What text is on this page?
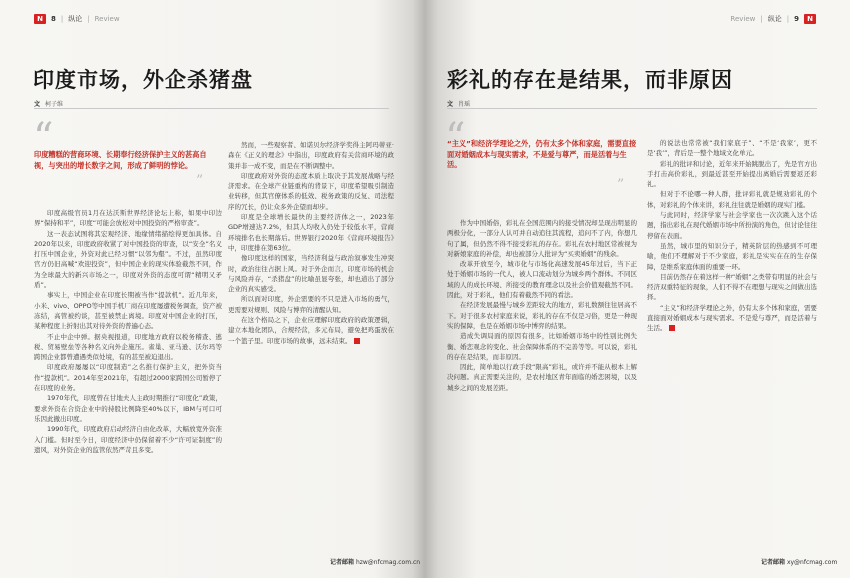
N	8 | 纵论 | Review
印度市场，外企杀猪盘
文 柯子维
“
印度糟糕的营商环境、长期奉行经济保护主义的甚高自视，与突出的增长数字之间，形成了鲜明的悖论。
”

印度高级官员1月在达沃斯世界经济论坛上称，如果中印边界“保持和平”，印度“可能会放松对中国投资的严格审查”。

这一表态试图将其宏观经济、地缘情绪描绘得更加具体。自2020年以来，印度政府收紧了对中国投资的审查，以“安全”名义打压中国企业，外资对此已经习惯“以邻为壑”。不过，虽然印度官方仍旧高喊“欢迎投资”，但中国企业的现实体验截然不同，作为全球最大的新兴市场之一，印度对外资的态度可谓“精明又矛盾”。

事实上，中国企业在印度长期被当作“提款机”。近几年来，小米、vivo、OPPO等中国手机厂商在印度屡遭税务调查，资产被冻结，高管被约谈，甚至被禁止离境。印度对中国企业的打压，某种程度上折射出其对待外资的普遍心态。

不止中企中弹。据央视报道，印度地方政府以税务稽查、逃税、贸易壁垒等各种名义向外企施压。雀巢、亚马逊、沃尔玛等跨国企业都曾遭遇类似处境，有的甚至被迫退出。

印度政府屡屡以“印度制造”之名推行保护主义，把外资当作“提款机”。2014年至2021年，有超过2000家跨国公司暂停了在印度的业务。

1970年代，印度曾在甘地夫人主政时期推行“印度化”政策，要求外资在合资企业中的持股比例降至40%以下，IBM与可口可乐因此撤出印度。

1990年代，印度政府启动经济自由化改革，大幅放宽外资准入门槛。但时至今日，印度经济中仍保留着不少“许可证制度”的遗风，对外资企业的监管依然严苛且多变。

然而，一些观察者、如诺贝尔经济学奖得主阿玛蒂亚·森在《正义的理念》中指出，印度政府有关营商环境的政策并非一成不变，而是在不断调整中。

印度政府对外资的态度本质上取决于其发展战略与经济需求。在全球产业链重构的背景下，印度希望吸引制造业转移，但其官僚体系的低效、税务政策的反复、司法程序的冗长，仍让众多外企望而却步。

印度是全球增长最快的主要经济体之一，2023年GDP增速达7.2%，但其人均收入仍处于较低水平，营商环境排名也长期落后。世界银行2020年《营商环境报告》中，印度排在第63位。

像印度这样的国家，当经济利益与政治叙事发生冲突时，政治往往占据上风。对于外企而言，印度市场的机会与风险并存，“杀猪盘”的比喻虽显夸张，却也道出了部分企业的真实感受。

所以面对印度，外企需要的不只是进入市场的勇气，更需要对规则、风险与博弈的清醒认知。

在这个格局之下，企业应理解印度政府的政策逻辑，建立本地化团队，合规经营，多元布局，避免把鸡蛋放在一个篮子里。印度市场的故事，远未结束。

记者邮箱 hzw@nfcmag.com.cn
Review | 纵论 | 9	N
彩礼的存在是结果，而非原因
文 肖瑶
“
“主义”和经济学理论之外，仍有太多个体和家庭，需要直接面对婚姻成本与现实需求，不是爱与尊严，而是活着与生活。
”

作为中国婚俗，彩礼在全国范围内的接受情况却呈现出明显的两极分化，一部分人认可并自动追往其流程，追问不了内，你想几句了属，但仍然不得不接受彩礼的存在。彩礼在农村地区常被视为对新娘家庭的补偿，却也被部分人批评为“买卖婚姻”的残余。

改革开放至今，城市化与市场化高速发展45年过后，当下正处于婚姻市场的一代人，被人口流动划分为城乡两个群体。不同区域的人的成长环境、所接受的教育理念以及社会价值观截然不同。因此，对于彩礼，他们有着截然不同的看法。

在经济发展最慢与城乡差距较大的地方，彩礼数额往往居高不下。对于很多农村家庭来说，彩礼的存在不仅是习俗，更是一种现实的保障，也是在婚姻市场中博弈的结果。

造成失调局面的原因有很多，比如婚姻市场中的性别比例失衡、婚恋观念的变化、社会保障体系的不完善等等。可以说，彩礼的存在是结果，而非原因。

因此，简单地以行政手段“限高”彩礼，或许并不能从根本上解决问题。真正需要关注的，是农村地区青年面临的婚恋困境，以及城乡之间的发展差距。

的说法也常常被“我们家底子”、“不是‘我家’，更不是‘我’”，背后是一整个地域文化单元。

彩礼的批评和讨论，近年来开始跳脱出了，先是官方出手打击高价彩礼，到最近甚至开始提出离婚后需要返还彩礼。

但对于不论哪一种人群，批评彩礼就是规劝彩礼的个体，对彩礼的个体来讲，彩礼往往就是婚姻的现实门槛。

与此同时，经济学家与社会学家也一次次跳入这个话题，指出彩礼在现代婚姻市场中所扮演的角色，但讨论往往停留在表面。

虽然，城市里的知识分子，精英阶层的热感到不可理喻，他们不理解对于不少家庭，彩礼是实实在在的生存保障，是维系家庭体面的重要一环。

目前仍然存在着这样一种“婚姻”之类带有明显的社会与经济双重特征的现象，人们不得不在理想与现实之间做出选择。

“主义”和经济学理论之外，仍有太多个体和家庭，需要直接面对婚姻成本与现实需求。不是爱与尊严，而是活着与生活。

记者邮箱 xy@nfcmag.com
